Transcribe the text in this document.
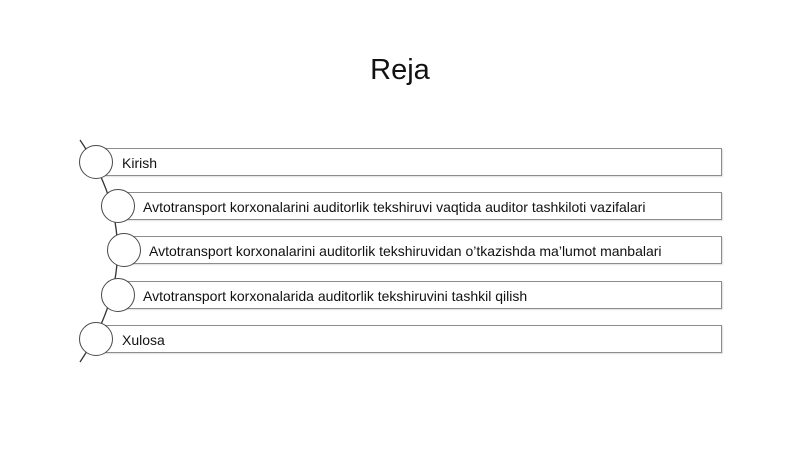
Reja
Kirish
Avtotransport korxonalarini auditorlik tekshiruvi vaqtida auditor tashkiloti vazifalari
Avtotransport korxonalarini auditorlik tekshiruvidan o’tkazishda ma’lumot manbalari
Avtotransport korxonalarida auditorlik tekshiruvini tashkil qilish
Xulosa
